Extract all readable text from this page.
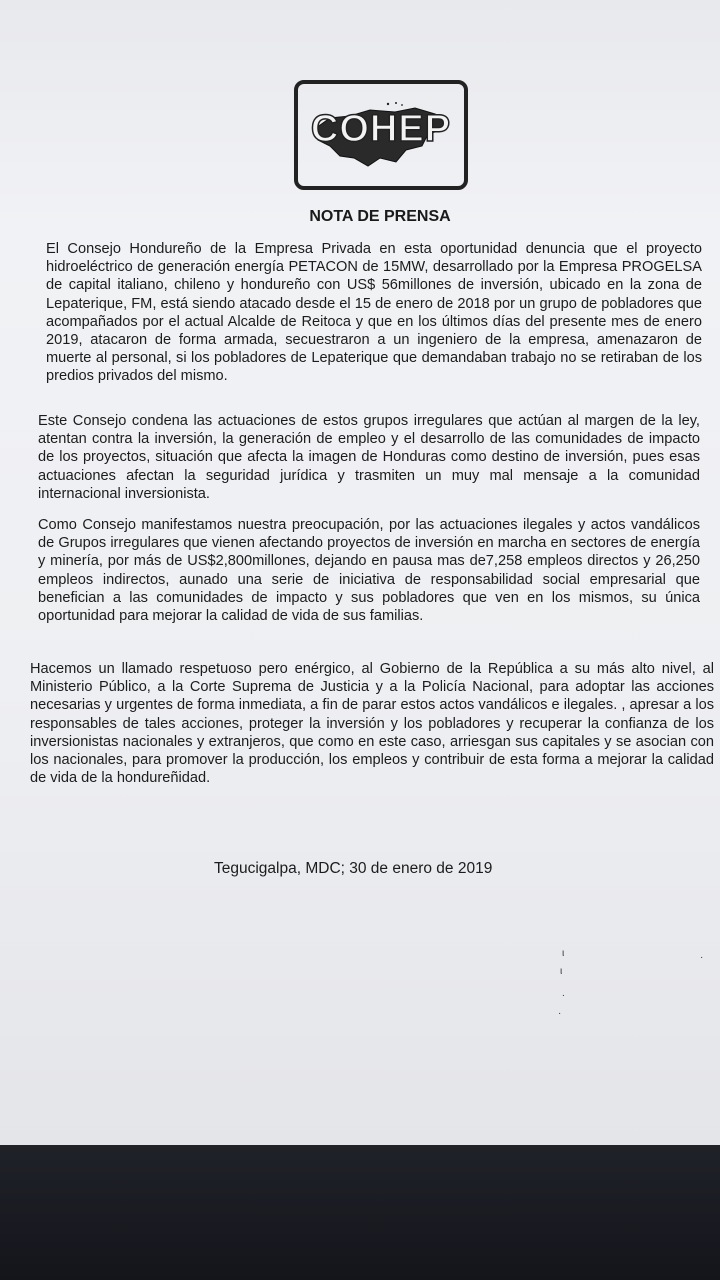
COHEP
NOTA DE PRENSA

El Consejo Hondureño de la Empresa Privada en esta oportunidad denuncia que el proyecto hidroeléctrico de generación energía PETACON de 15MW, desarrollado por la Empresa PROGELSA de capital italiano, chileno y hondureño con US$ 56millones de inversión, ubicado en la zona de Lepaterique, FM, está siendo atacado desde el 15 de enero de 2018 por un grupo de pobladores que acompañados por el actual Alcalde de Reitoca y que en los últimos días del presente mes de enero 2019, atacaron de forma armada, secuestraron a un ingeniero de la empresa, amenazaron de muerte al personal, si los pobladores de Lepaterique que demandaban trabajo no se retiraban de los predios privados del mismo.

Este Consejo condena las actuaciones de estos grupos irregulares que actúan al margen de la ley, atentan contra la inversión, la generación de empleo y el desarrollo de las comunidades de impacto de los proyectos, situación que afecta la imagen de Honduras como destino de inversión, pues esas actuaciones afectan la seguridad jurídica y trasmiten un muy mal mensaje a la comunidad internacional inversionista.

Como Consejo manifestamos nuestra preocupación, por las actuaciones ilegales y actos vandálicos de Grupos irregulares que vienen afectando proyectos de inversión en marcha en sectores de energía y minería, por más de US$2,800millones, dejando en pausa mas de7,258 empleos directos y 26,250 empleos indirectos, aunado una serie de iniciativa de responsabilidad social empresarial que benefician a las comunidades de impacto y sus pobladores que ven en los mismos, su única oportunidad para mejorar la calidad de vida de sus familias.

Hacemos un llamado respetuoso pero enérgico, al Gobierno de la República a su más alto nivel, al Ministerio Público, a la Corte Suprema de Justicia y a la Policía Nacional, para adoptar las acciones necesarias y urgentes de forma inmediata, a fin de parar estos actos vandálicos e ilegales. , apresar a los responsables de tales acciones, proteger la inversión y los pobladores y recuperar la confianza de los inversionistas nacionales y extranjeros, que como en este caso, arriesgan sus capitales y se asocian con los nacionales, para promover la producción, los empleos y contribuir de esta forma a mejorar la calidad de vida de la hondureñidad.

Tegucigalpa, MDC; 30 de enero de 2019
ι
ι
.
·
·
